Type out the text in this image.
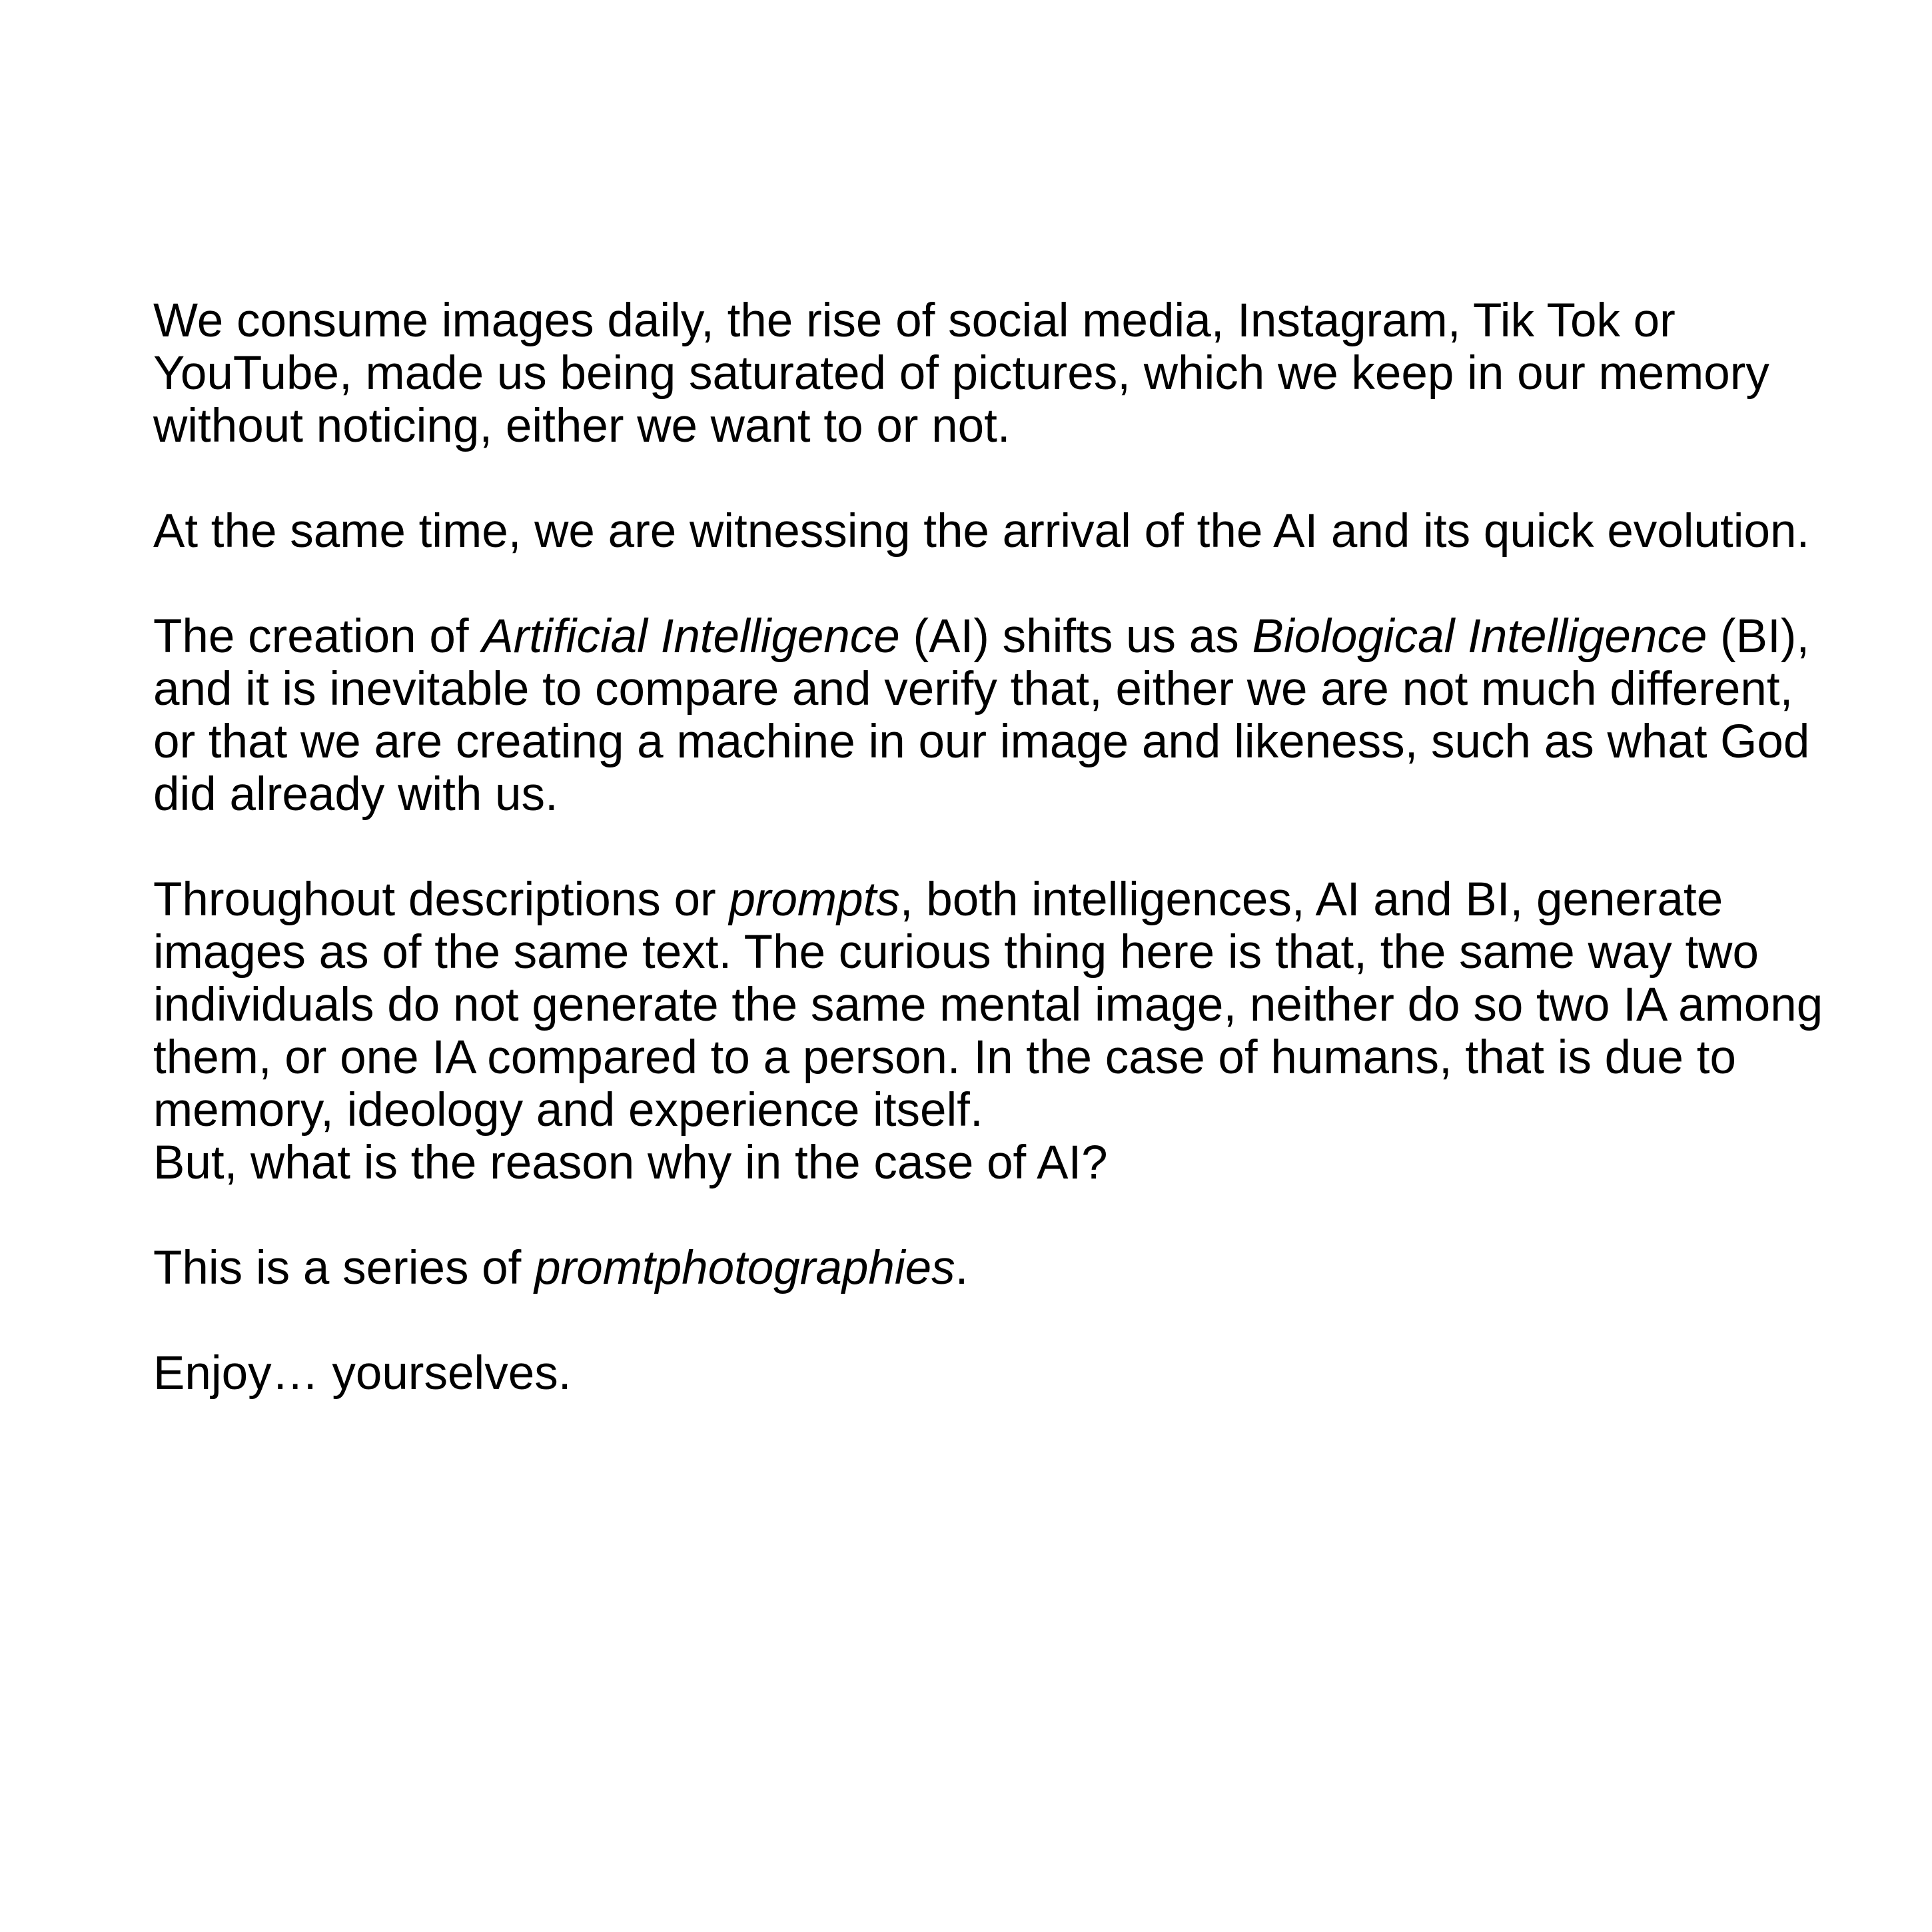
We consume images daily, the rise of social media, Instagram, Tik Tok or
YouTube, made us being saturated of pictures, which we keep in our memory
without noticing, either we want to or not.

At the same time, we are witnessing the arrival of the AI and its quick evolution.

The creation of Artificial Intelligence (AI) shifts us as Biological Intelligence (BI),
and it is inevitable to compare and verify that, either we are not much different,
or that we are creating a machine in our image and likeness, such as what God
did already with us.

Throughout descriptions or prompts, both intelligences, AI and BI, generate
images as of the same text. The curious thing here is that, the same way two
individuals do not generate the same mental image, neither do so two IA among
them, or one IA compared to a person. In the case of humans, that is due to
memory, ideology and experience itself.
But, what is the reason why in the case of AI?

This is a series of promtphotographies.

Enjoy… yourselves.
